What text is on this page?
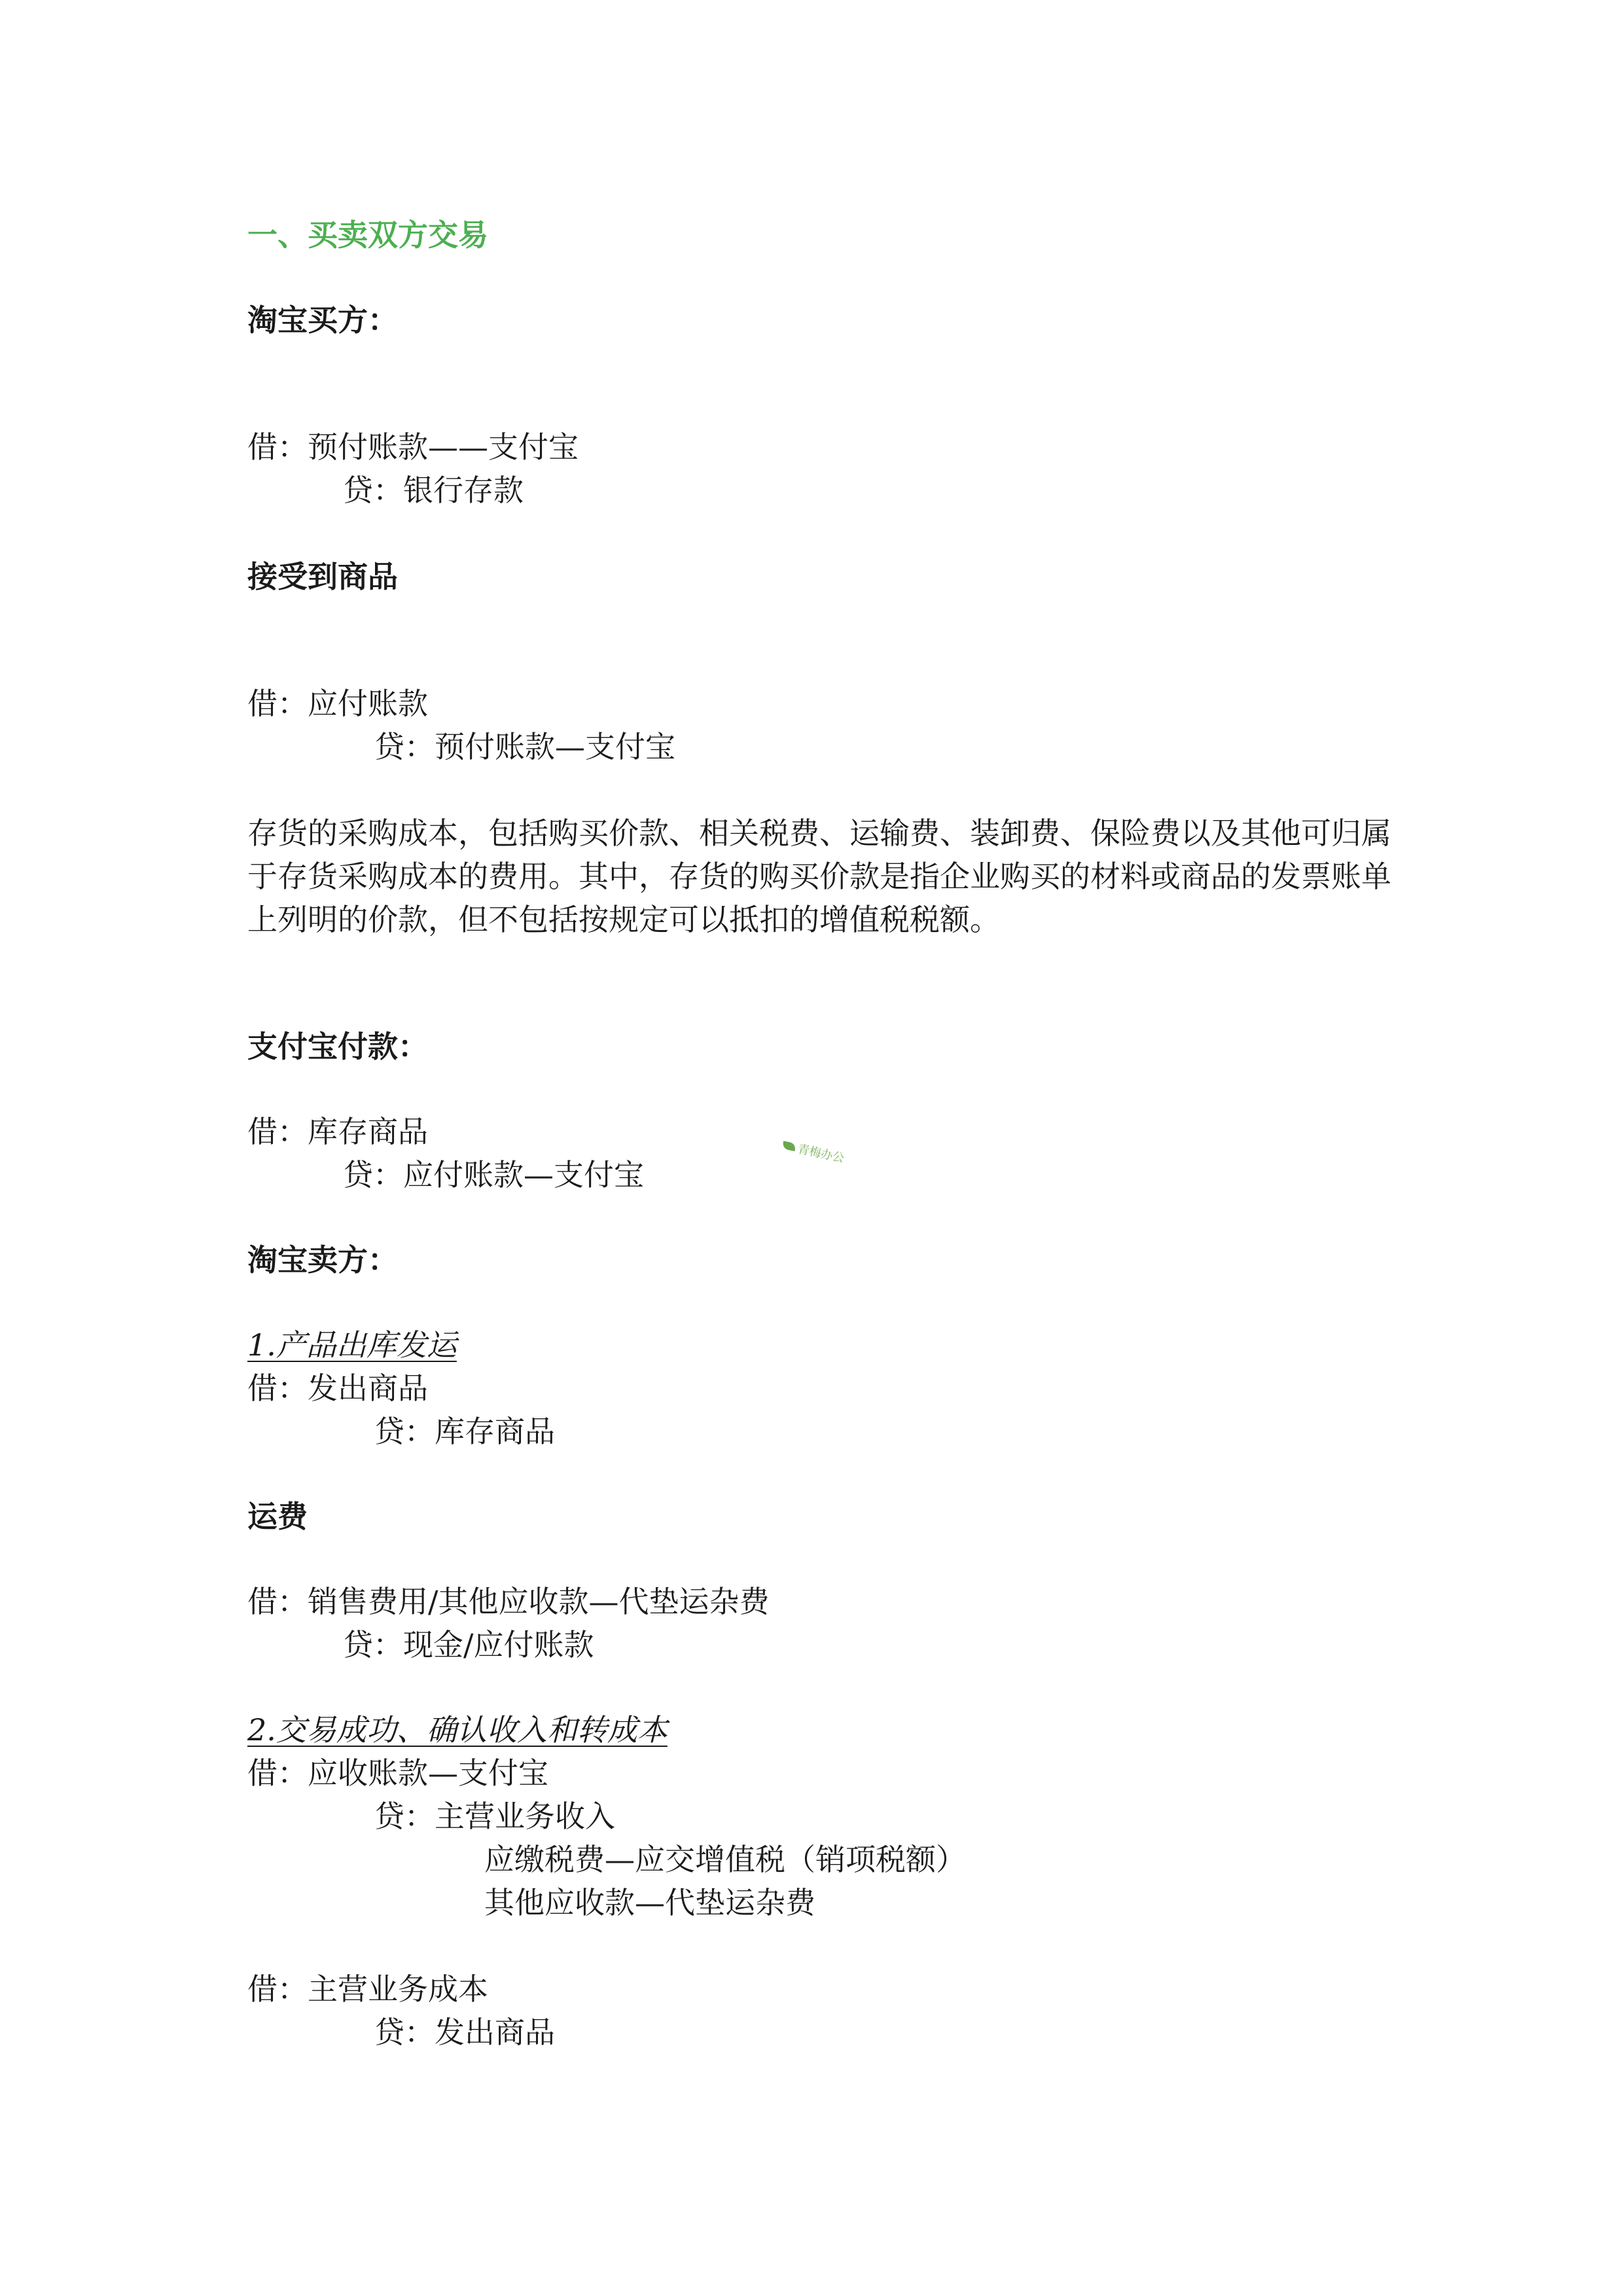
一、买卖双方交易
淘宝买方：
借：预付账款——支付宝
贷：银行存款
接受到商品
借：应付账款
贷：预付账款—支付宝
存货的采购成本，包括购买价款、相关税费、运输费、装卸费、保险费以及其他可归属于存货采购成本的费用。其中，存货的购买价款是指企业购买的材料或商品的发票账单上列明的价款，但不包括按规定可以抵扣的增值税税额。
支付宝付款：
借：库存商品
贷：应付账款—支付宝
青梅办公
淘宝卖方：
1.产品出库发运
借：发出商品
贷：库存商品
运费
借：销售费用/其他应收款—代垫运杂费
贷：现金/应付账款
2.交易成功、确认收入和转成本
借：应收账款—支付宝
贷：主营业务收入
应缴税费—应交增值税（销项税额）
其他应收款—代垫运杂费
借：主营业务成本
贷：发出商品
